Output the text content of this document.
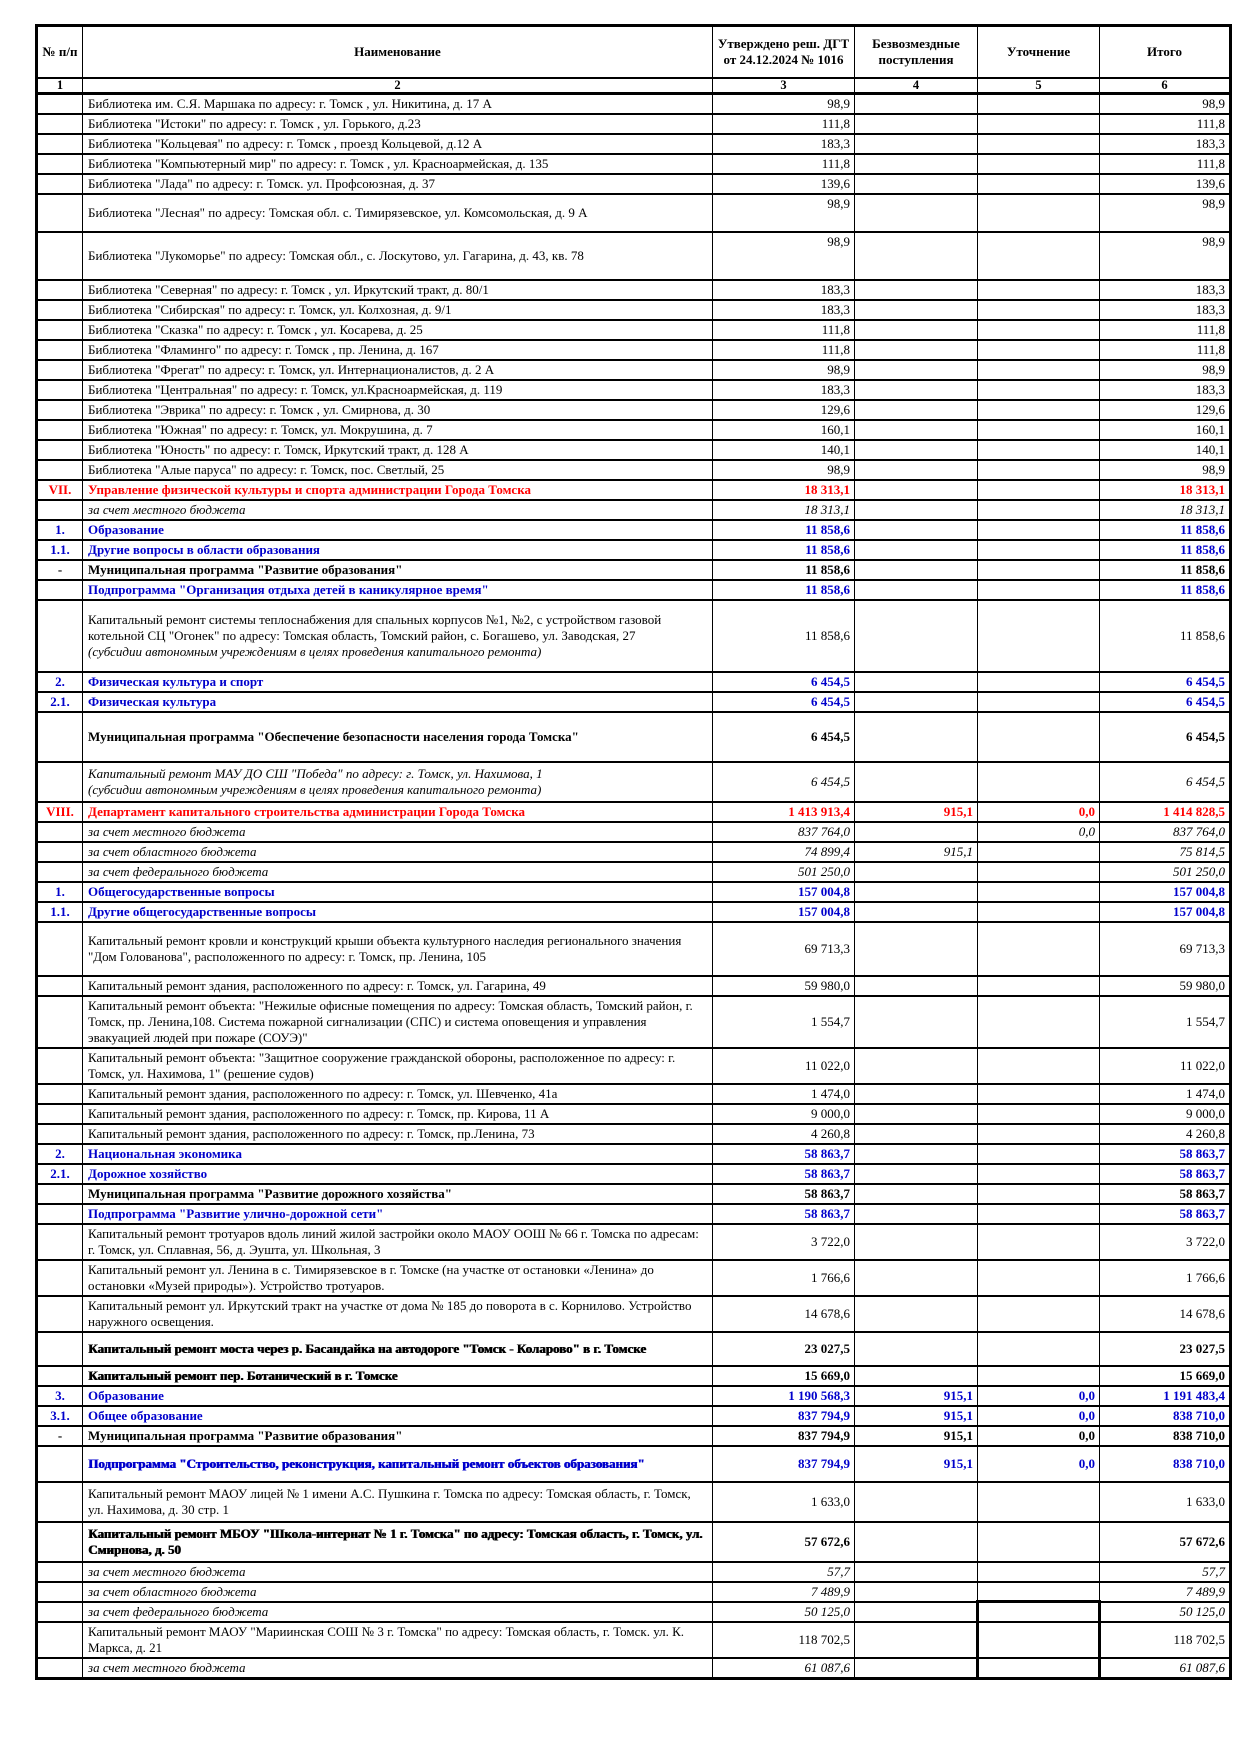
№ п/п	Наименование	Утверждено реш. ДГТ от 24.12.2024 № 1016	Безвозмездные поступления	Уточнение	Итого
1	2	3	4	5	6

	Библиотека им. С.Я. Маршака по адресу: г. Томск , ул. Никитина, д. 17 А	98,9			98,9

	Библиотека "Истоки" по адресу: г. Томск , ул. Горького, д.23	111,8			111,8

	Библиотека "Кольцевая" по адресу: г. Томск , проезд Кольцевой, д.12 А	183,3			183,3

	Библиотека "Компьютерный мир" по адресу: г. Томск , ул. Красноармейская, д. 135	111,8			111,8

	Библиотека "Лада" по адресу: г. Томск. ул. Профсоюзная, д. 37	139,6			139,6

	Библиотека "Лесная" по адресу: Томская обл. с. Тимирязевское, ул. Комсомольская, д. 9 А	98,9			98,9

	Библиотека "Лукоморье" по адресу: Томская обл., с. Лоскутово, ул. Гагарина, д. 43, кв. 78	98,9			98,9

	Библиотека "Северная" по адресу: г. Томск , ул. Иркутский тракт, д. 80/1	183,3			183,3

	Библиотека "Сибирская" по адресу: г. Томск, ул. Колхозная, д. 9/1	183,3			183,3

	Библиотека "Сказка" по адресу: г. Томск , ул. Косарева, д. 25	111,8			111,8

	Библиотека "Фламинго" по адресу: г. Томск , пр. Ленина, д. 167	111,8			111,8

	Библиотека "Фрегат" по адресу: г. Томск, ул. Интернационалистов, д. 2 А	98,9			98,9

	Библиотека "Центральная" по адресу: г. Томск, ул.Красноармейская, д. 119	183,3			183,3

	Библиотека "Эврика" по адресу: г. Томск , ул. Смирнова, д. 30	129,6			129,6

	Библиотека "Южная" по адресу: г. Томск, ул. Мокрушина, д. 7	160,1			160,1

	Библиотека "Юность" по адресу: г. Томск, Иркутский тракт, д. 128 А	140,1			140,1

	Библиотека "Алые паруса" по адресу: г. Томск, пос. Светлый, 25	98,9			98,9
VII.	Управление физической культуры и спорта администрации Города Томска	18 313,1			18 313,1

	за счет местного бюджета	18 313,1			18 313,1
1.	Образование	11 858,6			11 858,6
1.1.	Другие вопросы в области образования	11 858,6			11 858,6
-	Муниципальная программа "Развитие образования"	11 858,6			11 858,6

	Подпрограмма "Организация отдыха детей в каникулярное время"	11 858,6			11 858,6

	Капитальный ремонт системы теплоснабжения для спальных корпусов №1, №2, с устройством газовой котельной СЦ "Огонек" по адресу: Томская область, Томский район, с. Богашево, ул. Заводская, 27
(субсидии автономным учреждениям в целях проведения капитального ремонта)	11 858,6			11 858,6
2.	Физическая культура и спорт	6 454,5			6 454,5
2.1.	Физическая культура	6 454,5			6 454,5

	Муниципальная программа "Обеспечение безопасности населения города Томска"	6 454,5			6 454,5

	Капитальный ремонт МАУ ДО СШ "Победа" по адресу: г. Томск, ул. Нахимова, 1
(субсидии автономным учреждениям в целях проведения капитального ремонта)	6 454,5			6 454,5
VIII.	Департамент капитального строительства администрации Города Томска	1 413 913,4	915,1	0,0	1 414 828,5

	за счет местного бюджета	837 764,0		0,0	837 764,0

	за счет областного бюджета	74 899,4	915,1		75 814,5

	за счет федерального бюджета	501 250,0			501 250,0
1.	Общегосударственные вопросы	157 004,8			157 004,8
1.1.	Другие общегосударственные вопросы	157 004,8			157 004,8

	Капитальный ремонт кровли и конструкций крыши объекта культурного наследия регионального значения "Дом Голованова", расположенного по адресу: г. Томск, пр. Ленина, 105	69 713,3			69 713,3

	Капитальный ремонт здания, расположенного по адресу: г. Томск, ул. Гагарина, 49	59 980,0			59 980,0

	Капитальный ремонт объекта: "Нежилые офисные помещения по адресу: Томская область, Томский район, г. Томск, пр. Ленина,108. Система пожарной сигнализации (СПС) и система оповещения и управления эвакуацией людей при пожаре (СОУЭ)"	1 554,7			1 554,7

	Капитальный ремонт объекта: "Защитное сооружение гражданской обороны, расположенное по адресу: г. Томск, ул. Нахимова, 1" (решение судов)	11 022,0			11 022,0

	Капитальный ремонт здания, расположенного по адресу: г. Томск, ул. Шевченко, 41а	1 474,0			1 474,0

	Капитальный ремонт здания, расположенного по адресу: г. Томск, пр. Кирова, 11 А	9 000,0			9 000,0

	Капитальный ремонт здания, расположенного по адресу: г. Томск, пр.Ленина, 73	4 260,8			4 260,8
2.	Национальная экономика	58 863,7			58 863,7
2.1.	Дорожное хозяйство	58 863,7			58 863,7

	Муниципальная программа "Развитие дорожного хозяйства"	58 863,7			58 863,7

	Подпрограмма "Развитие улично-дорожной сети"	58 863,7			58 863,7

	Капитальный ремонт тротуаров вдоль линий жилой застройки около МАОУ ООШ № 66 г. Томска по адресам: г. Томск, ул. Сплавная, 56, д. Эушта, ул. Школьная, 3	3 722,0			3 722,0

	Капитальный ремонт ул. Ленина в с. Тимирязевское в г. Томске (на участке от остановки «Ленина» до остановки «Музей природы»). Устройство тротуаров.	1 766,6			1 766,6

	Капитальный ремонт ул. Иркутский тракт на участке от дома № 185 до поворота в с. Корнилово. Устройство наружного освещения.	14 678,6			14 678,6

	Капитальный ремонт моста через р. Басандайка на автодороге "Томск - Коларово" в г. Томске	23 027,5			23 027,5

	Капитальный ремонт пер. Ботанический в г. Томске	15 669,0			15 669,0
3.	Образование	1 190 568,3	915,1	0,0	1 191 483,4
3.1.	Общее образование	837 794,9	915,1	0,0	838 710,0
-	Муниципальная программа "Развитие образования"	837 794,9	915,1	0,0	838 710,0

	Подпрограмма "Строительство, реконструкция, капитальный ремонт объектов образования"	837 794,9	915,1	0,0	838 710,0

	Капитальный ремонт МАОУ лицей № 1 имени А.С. Пушкина г. Томска по адресу: Томская область, г. Томск, ул. Нахимова, д. 30 стр. 1	1 633,0			1 633,0

	Капитальный ремонт МБОУ "Школа-интернат № 1 г. Томска" по адресу: Томская область, г. Томск, ул. Смирнова, д. 50	57 672,6			57 672,6

	за счет местного бюджета	57,7			57,7

	за счет областного бюджета	7 489,9			7 489,9

	за счет федерального бюджета	50 125,0			50 125,0

	Капитальный ремонт МАОУ "Мариинская СОШ № 3 г. Томска" по адресу: Томская область, г. Томск. ул. К. Маркса, д. 21	118 702,5			118 702,5

	за счет местного бюджета	61 087,6			61 087,6
